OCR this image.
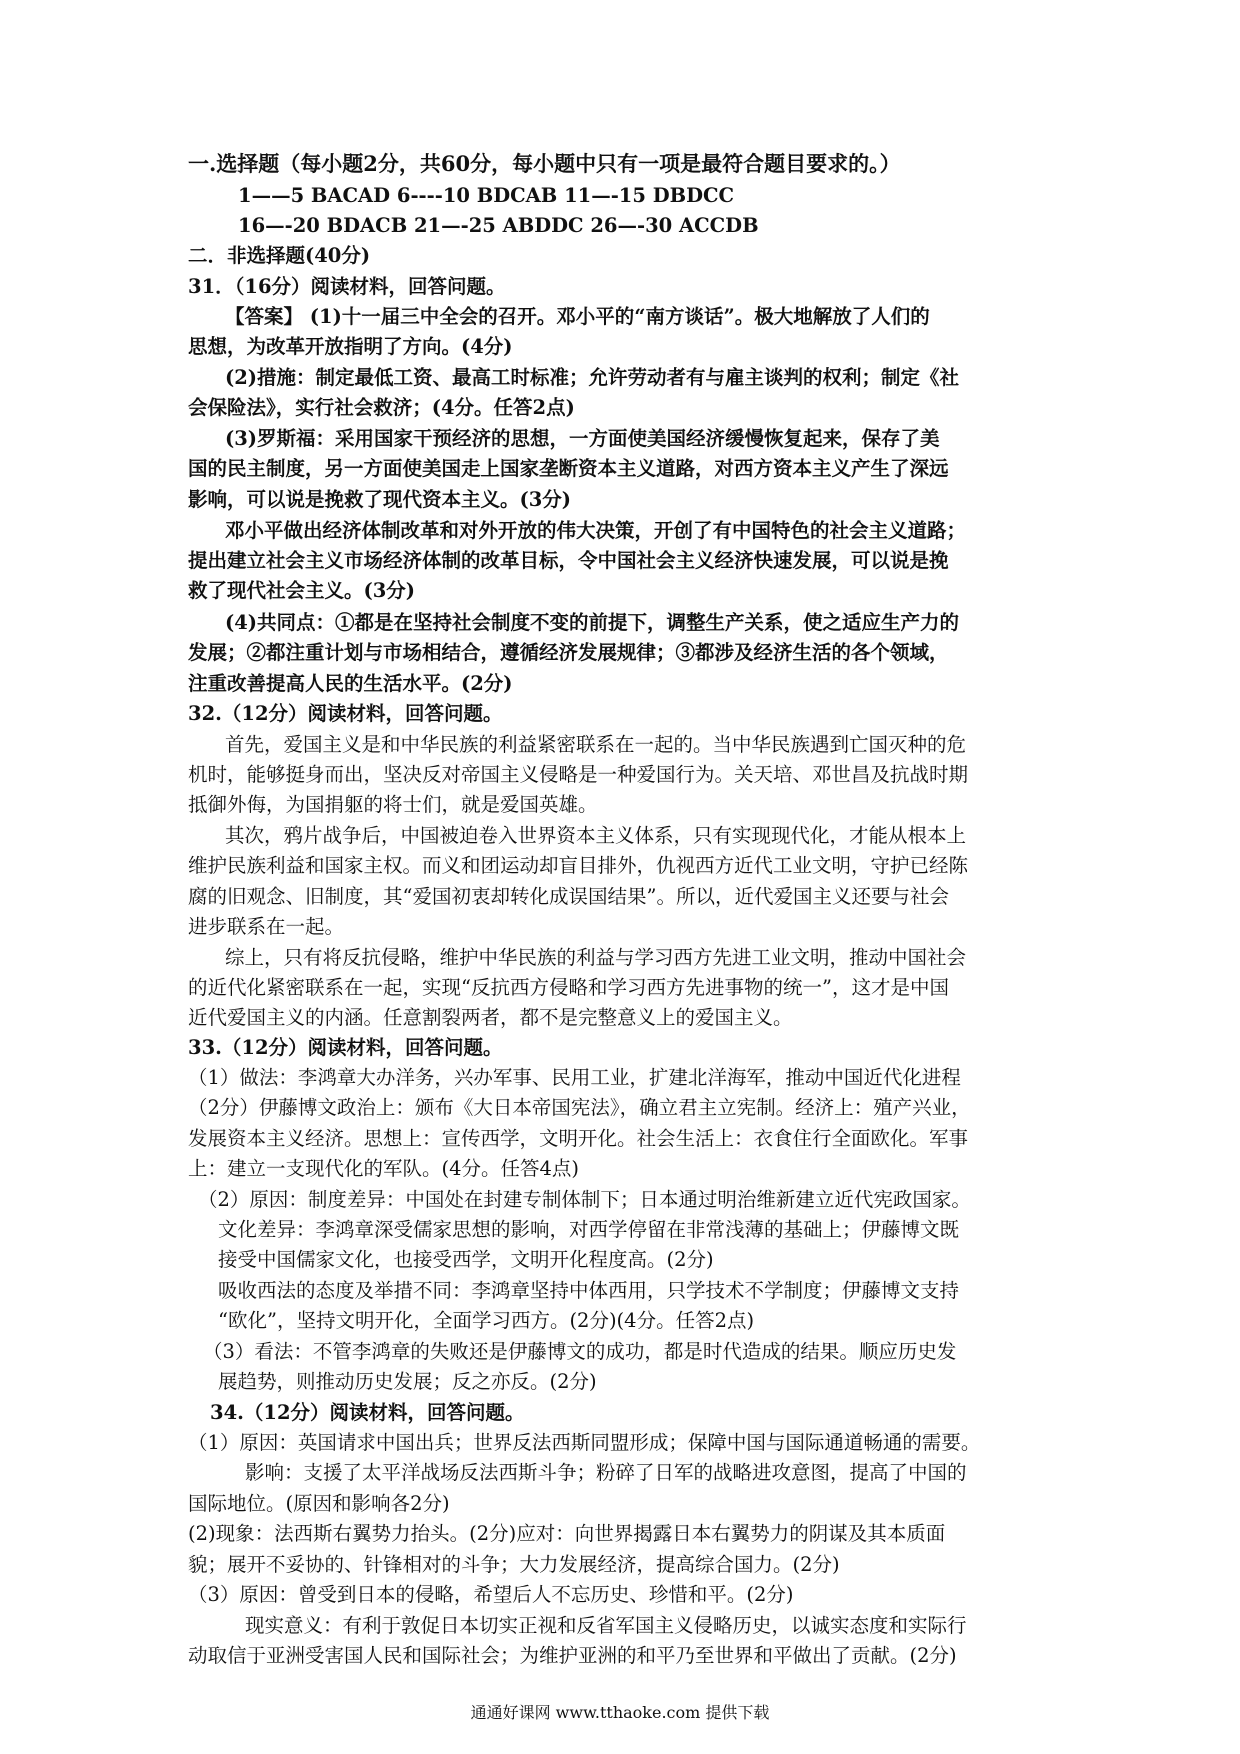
一.选择题（每小题2分，共60分，每小题中只有一项是最符合题目要求的。）
1——5 BACAD 6----10 BDCAB 11—-15 DBDCC
16—-20 BDACB 21—-25 ABDDC 26—-30 ACCDB
二．非选择题(40分)
31．（16分）阅读材料，回答问题。
【答案】 (1)十一届三中全会的召开。邓小平的“南方谈话”。极大地解放了人们的
思想，为改革开放指明了方向。(4分)
(2)措施：制定最低工资、最高工时标准；允许劳动者有与雇主谈判的权利；制定《社
会保险法》，实行社会救济；(4分。任答2点)
(3)罗斯福：采用国家干预经济的思想，一方面使美国经济缓慢恢复起来，保存了美
国的民主制度，另一方面使美国走上国家垄断资本主义道路，对西方资本主义产生了深远
影响，可以说是挽救了现代资本主义。(3分)
邓小平做出经济体制改革和对外开放的伟大决策，开创了有中国特色的社会主义道路；
提出建立社会主义市场经济体制的改革目标，令中国社会主义经济快速发展，可以说是挽
救了现代社会主义。(3分)
(4)共同点：①都是在坚持社会制度不变的前提下，调整生产关系，使之适应生产力的
发展；②都注重计划与市场相结合，遵循经济发展规律；③都涉及经济生活的各个领域，
注重改善提高人民的生活水平。(2分)
32.（12分）阅读材料，回答问题。
首先，爱国主义是和中华民族的利益紧密联系在一起的。当中华民族遇到亡国灭种的危
机时，能够挺身而出，坚决反对帝国主义侵略是一种爱国行为。关天培、邓世昌及抗战时期
抵御外侮，为国捐躯的将士们，就是爱国英雄。
其次，鸦片战争后，中国被迫卷入世界资本主义体系，只有实现现代化，才能从根本上
维护民族利益和国家主权。而义和团运动却盲目排外，仇视西方近代工业文明，守护已经陈
腐的旧观念、旧制度，其“爱国初衷却转化成误国结果”。所以，近代爱国主义还要与社会
进步联系在一起。
综上，只有将反抗侵略，维护中华民族的利益与学习西方先进工业文明，推动中国社会
的近代化紧密联系在一起，实现“反抗西方侵略和学习西方先进事物的统一”，这才是中国
近代爱国主义的内涵。任意割裂两者，都不是完整意义上的爱国主义。
33.（12分）阅读材料，回答问题。
（1）做法：李鸿章大办洋务，兴办军事、民用工业，扩建北洋海军，推动中国近代化进程
（2分）伊藤博文政治上：颁布《大日本帝国宪法》，确立君主立宪制。经济上：殖产兴业，
发展资本主义经济。思想上：宣传西学，文明开化。社会生活上：衣食住行全面欧化。军事
上：建立一支现代化的军队。(4分。任答4点)
（2）原因：制度差异：中国处在封建专制体制下；日本通过明治维新建立近代宪政国家。
文化差异：李鸿章深受儒家思想的影响，对西学停留在非常浅薄的基础上；伊藤博文既
接受中国儒家文化，也接受西学，文明开化程度高。(2分)
吸收西法的态度及举措不同：李鸿章坚持中体西用，只学技术不学制度；伊藤博文支持
“欧化”，坚持文明开化，全面学习西方。(2分)(4分。任答2点)
（3）看法：不管李鸿章的失败还是伊藤博文的成功，都是时代造成的结果。顺应历史发
展趋势，则推动历史发展；反之亦反。(2分)
34.（12分）阅读材料，回答问题。
（1）原因：英国请求中国出兵；世界反法西斯同盟形成；保障中国与国际通道畅通的需要。
影响：支援了太平洋战场反法西斯斗争；粉碎了日军的战略进攻意图，提高了中国的
国际地位。(原因和影响各2分)
(2)现象：法西斯右翼势力抬头。(2分)应对：向世界揭露日本右翼势力的阴谋及其本质面
貌；展开不妥协的、针锋相对的斗争；大力发展经济，提高综合国力。(2分)
（3）原因：曾受到日本的侵略，希望后人不忘历史、珍惜和平。(2分)
现实意义：有利于敦促日本切实正视和反省军国主义侵略历史，以诚实态度和实际行
动取信于亚洲受害国人民和国际社会；为维护亚洲的和平乃至世界和平做出了贡献。(2分)
通通好课网 www.tthaoke.com 提供下载
